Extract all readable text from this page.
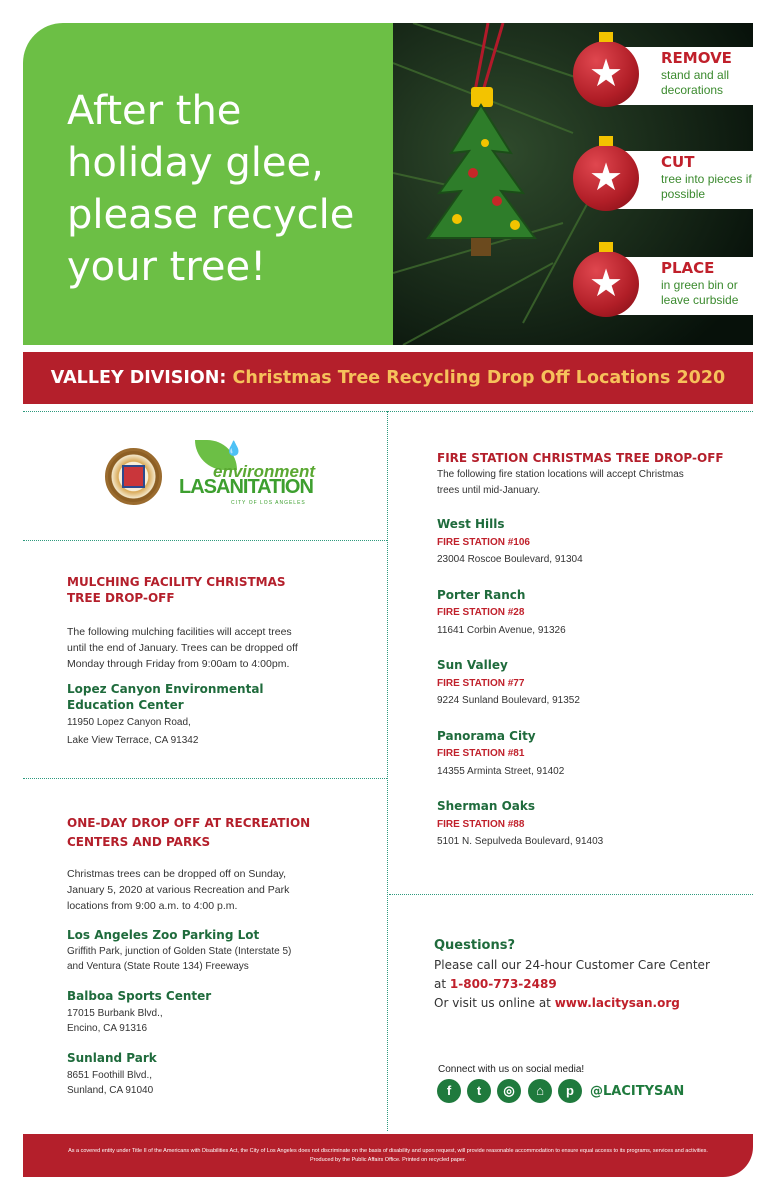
After the holiday glee, please recycle your tree!
★	REMOVE
stand and all decorations
★	CUT
tree into pieces if possible
★	PLACE
in green bin or leave curbside
VALLEY DIVISION: Christmas Tree Recycling Drop Off Locations 2020
💧
environment
LASANITATION
CITY OF LOS ANGELES
MULCHING FACILITY CHRISTMAS
TREE DROP-OFF
The following mulching facilities will accept trees
until the end of January. Trees can be dropped off
Monday through Friday from 9:00am to 4:00pm.
Lopez Canyon Environmental
Education Center
11950 Lopez Canyon Road,
Lake View Terrace, CA 91342
ONE-DAY DROP OFF AT RECREATION
CENTERS AND PARKS
Christmas trees can be dropped off on Sunday,
January 5, 2020 at various Recreation and Park
locations from 9:00 a.m. to 4:00 p.m.
Los Angeles Zoo Parking Lot
Griffith Park, junction of Golden State (Interstate 5)
and Ventura (State Route 134) Freeways
Balboa Sports Center
17015 Burbank Blvd.,
Encino, CA 91316
Sunland Park
8651 Foothill Blvd.,
Sunland, CA 91040
FIRE STATION CHRISTMAS TREE DROP-OFF
The following fire station locations will accept Christmas
trees until mid-January.
West Hills
FIRE STATION #106
23004 Roscoe Boulevard, 91304
Porter Ranch
FIRE STATION #28
11641 Corbin Avenue, 91326
Sun Valley
FIRE STATION #77
9224 Sunland Boulevard, 91352
Panorama City
FIRE STATION #81
14355 Arminta Street, 91402
Sherman Oaks
FIRE STATION #88
5101 N. Sepulveda Boulevard, 91403
Questions?
Please call our 24-hour Customer Care Center
at 1-800-773-2489
Or visit us online at www.lacitysan.org
Connect with us on social media!
f	t	◎	⌂	p	@LACITYSAN
As a covered entity under Title II of the Americans with Disabilities Act, the City of Los Angeles does not discriminate on the basis of disability and upon request, will provide reasonable accommodation to ensure equal access to its programs, services and activities.
Produced by the Public Affairs Office. Printed on recycled paper.
